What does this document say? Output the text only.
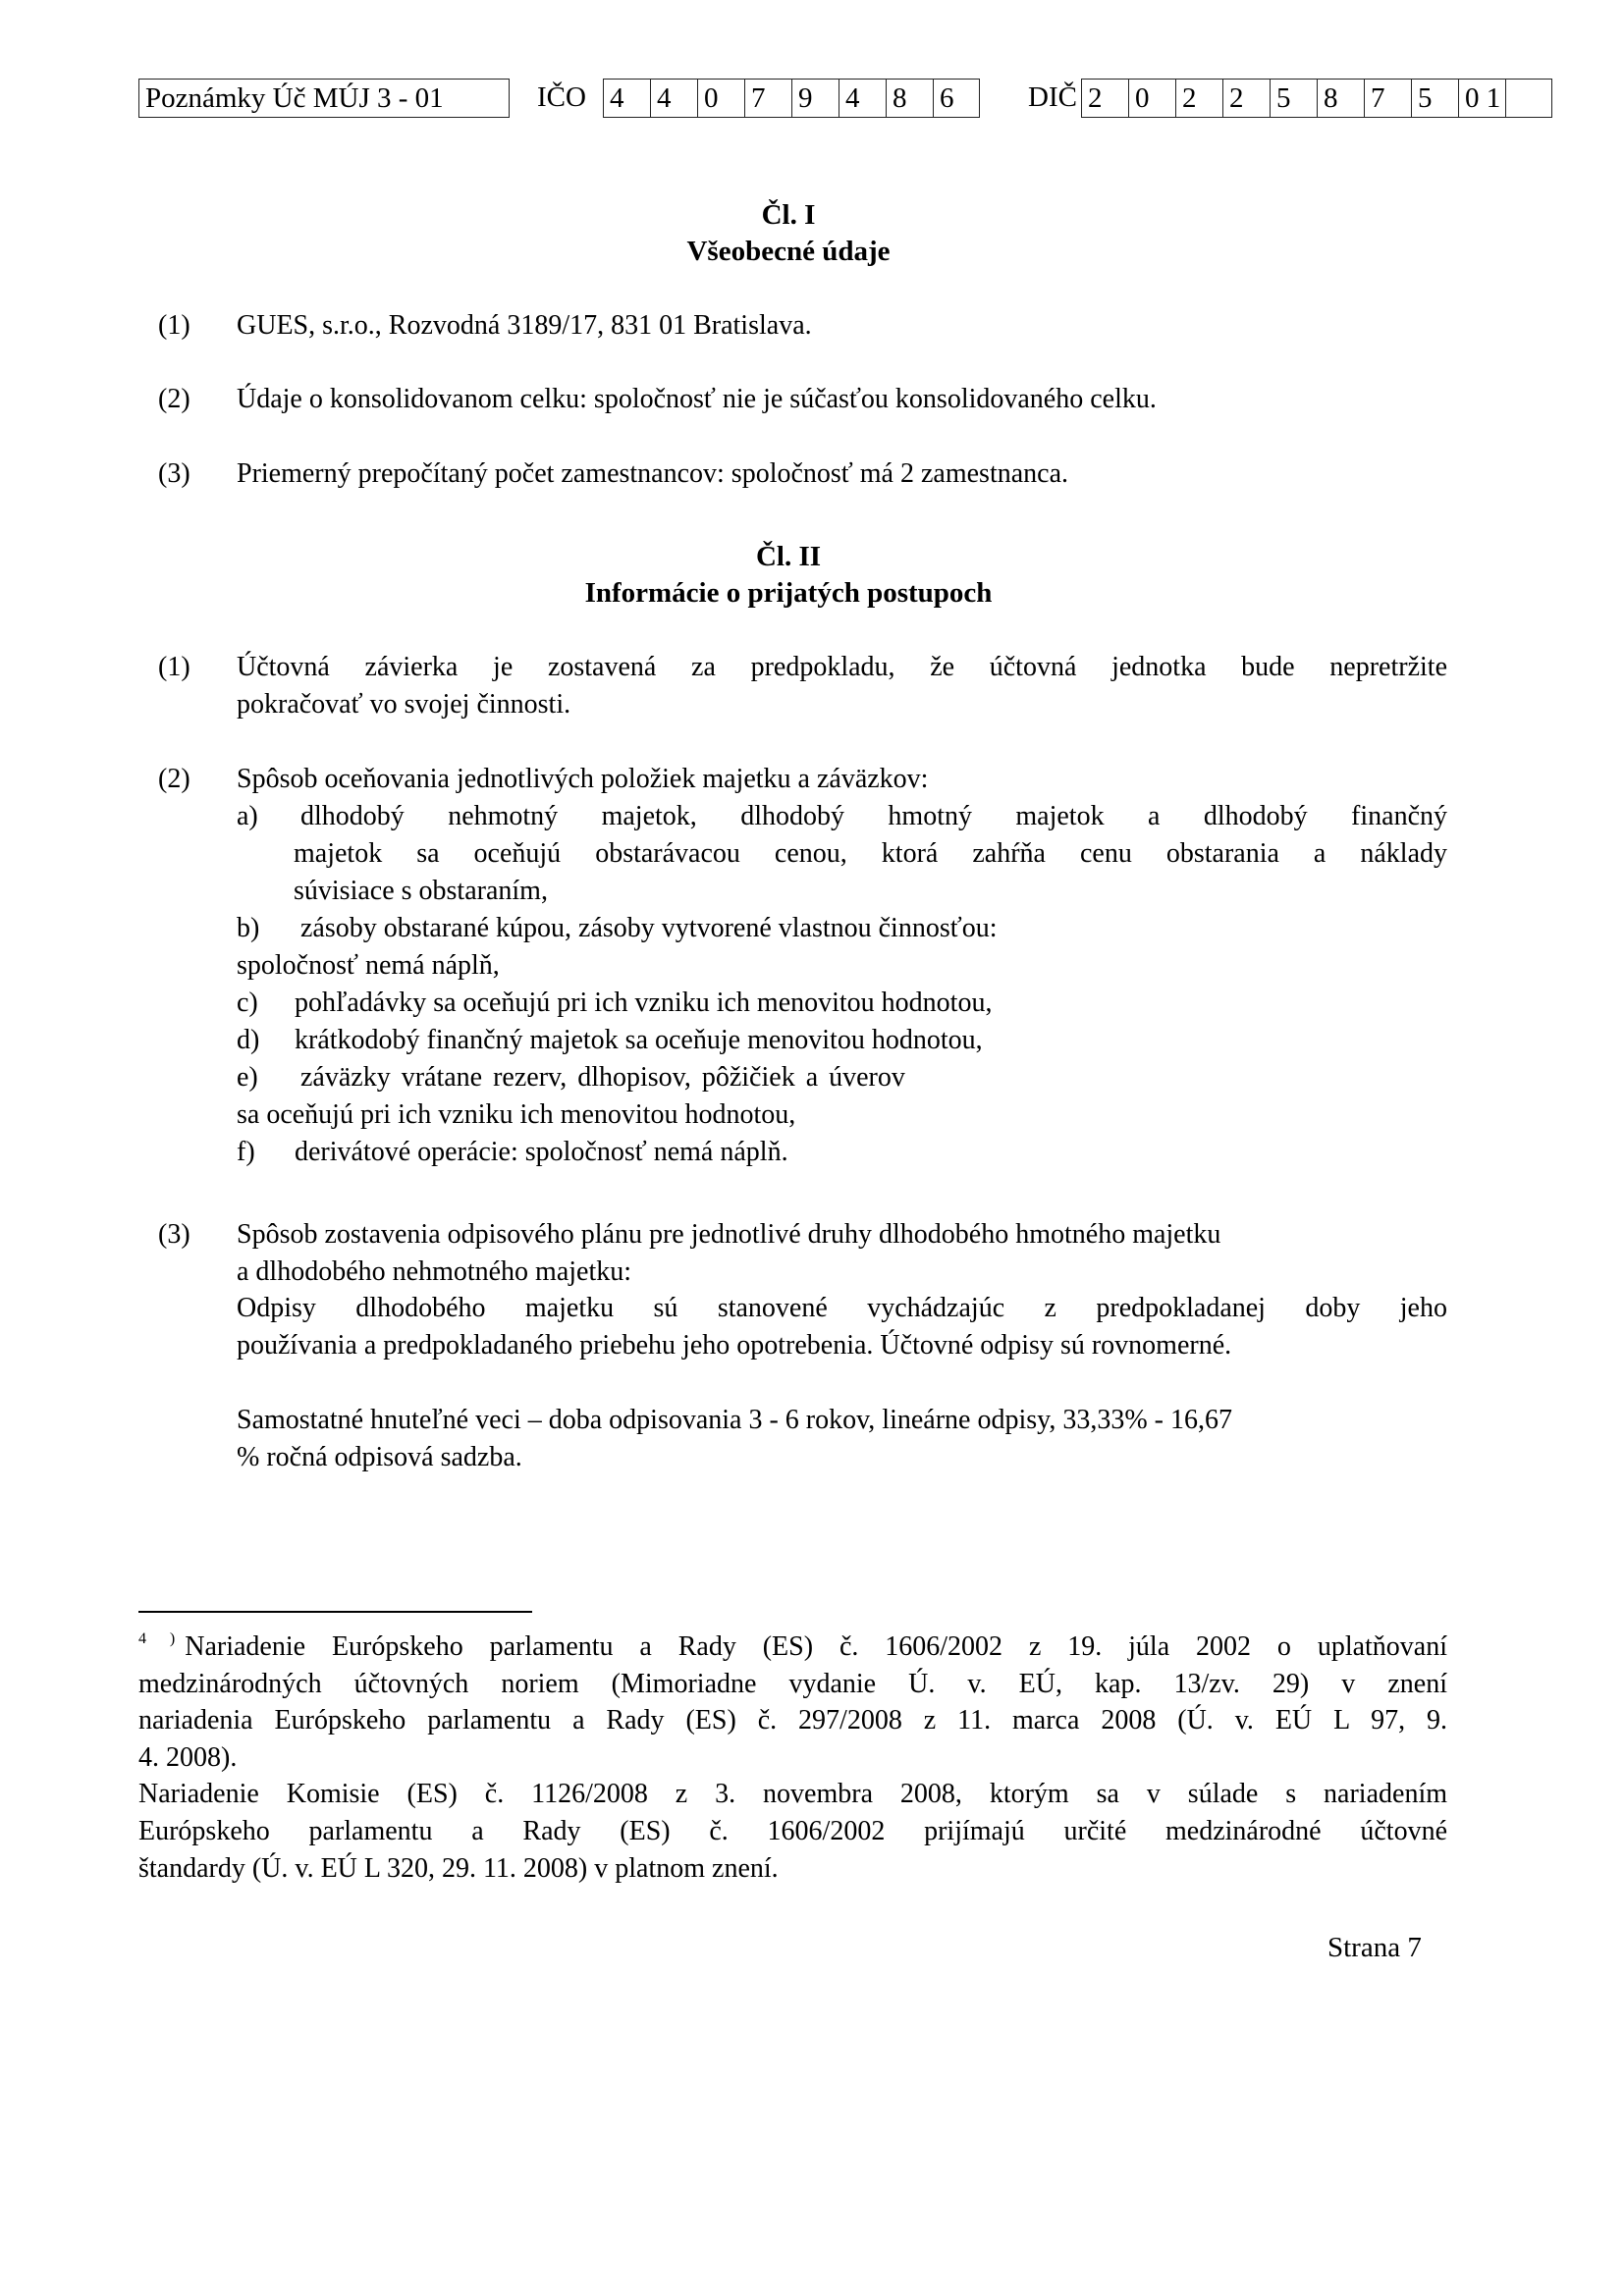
Poznámky Úč MÚJ 3 - 01	IČO 4	4	0	7	9	4	8	6	DIČ 2	0	2	2	5	8	7	5	0 1
Čl. I
Všeobecné údaje
(1) GUES, s.r.o., Rozvodná 3189/17, 831 01 Bratislava.
(2) Údaje o konsolidovanom celku: spoločnosť nie je súčasťou konsolidovaného celku.
(3) Priemerný prepočítaný počet zamestnancov: spoločnosť má 2 zamestnanca.
Čl. II
Informácie o prijatých postupoch
(1) Účtovná závierka je zostavená za predpokladu, že účtovná jednotka bude nepretržite
pokračovať vo svojej činnosti.
(2) Spôsob oceňovania jednotlivých položiek majetku a záväzkov:
a) dlhodobý nehmotný majetok, dlhodobý hmotný majetok a dlhodobý finančný
majetok sa oceňujú obstarávacou cenou, ktorá zahŕňa cenu obstarania a náklady
súvisiace s obstaraním,
b) zásoby obstarané kúpou, zásoby vytvorené vlastnou činnosťou:
spoločnosť nemá náplň,
c) pohľadávky sa oceňujú pri ich vzniku ich menovitou hodnotou,
d) krátkodobý finančný majetok sa oceňuje menovitou hodnotou,
e) záväzky vrátane rezerv, dlhopisov, pôžičiek a úverov
sa oceňujú pri ich vzniku ich menovitou hodnotou,
f) derivátové operácie: spoločnosť nemá náplň.
(3) Spôsob zostavenia odpisového plánu pre jednotlivé druhy dlhodobého hmotného majetku
a dlhodobého nehmotného majetku:
Odpisy dlhodobého majetku sú stanovené vychádzajúc z predpokladanej doby jeho
používania a predpokladaného priebehu jeho opotrebenia. Účtovné odpisy sú rovnomerné.
Samostatné hnuteľné veci – doba odpisovania 3 - 6 rokov, lineárne odpisy, 33,33% - 16,67
% ročná odpisová sadzba.
$^{4 )}$ Nariadenie Európskeho parlamentu a Rady (ES) č. 1606/2002 z 19. júla 2002 o uplatňovaní
medzinárodných účtovných noriem (Mimoriadne vydanie Ú. v. EÚ, kap. 13/zv. 29) v znení
nariadenia Európskeho parlamentu a Rady (ES) č. 297/2008 z 11. marca 2008 (Ú. v. EÚ L 97, 9.
4. 2008).
Nariadenie Komisie (ES) č. 1126/2008 z 3. novembra 2008, ktorým sa v súlade s nariadením
Európskeho parlamentu a Rady (ES) č. 1606/2002 prijímajú určité medzinárodné účtovné
štandardy (Ú. v. EÚ L 320, 29. 11. 2008) v platnom znení.
Strana 7
